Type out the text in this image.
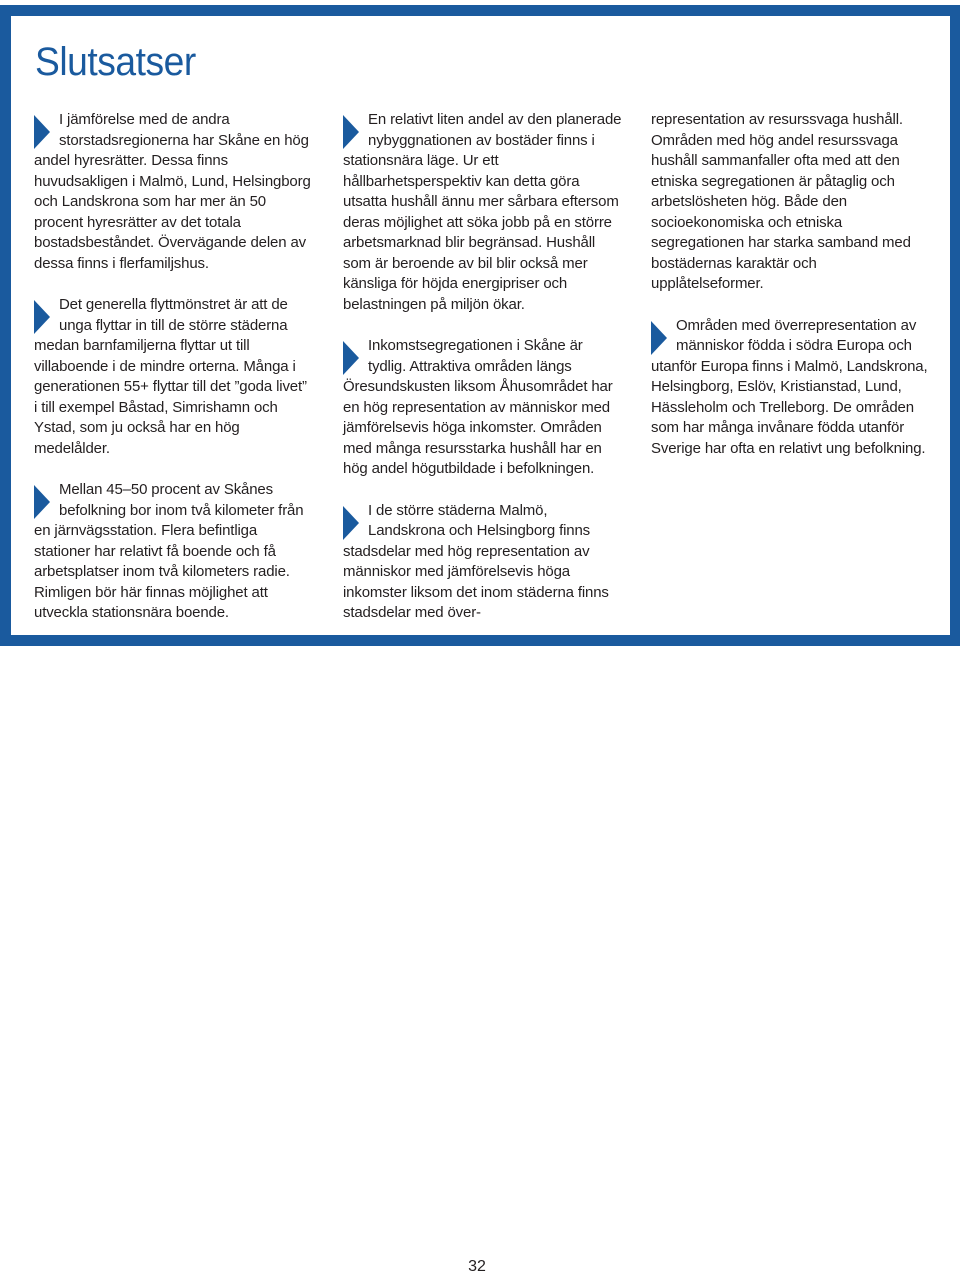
Slutsatser

I jämförelse med de andra storstadsregionerna har Skåne en hög andel hyresrätter. Dessa finns huvudsakligen i Malmö, Lund, Helsingborg och Landskrona som har mer än 50 procent hyresrätter av det totala bostadsbeståndet. Övervägande delen av dessa finns i flerfamiljshus.

Det generella flyttmönstret är att de unga flyttar in till de större städerna medan barnfamiljerna flyttar ut till villaboende i de mindre orterna. Många i generationen 55+ flyttar till det ”goda livet” i till exempel Båstad, Simrishamn och Ystad, som ju också har en hög medelålder.

Mellan 45–50 procent av Skånes befolkning bor inom två kilometer från en järnvägsstation. Flera befintliga stationer har relativt få boende och få arbetsplatser inom två kilometers radie. Rimligen bör här finnas möjlighet att utveckla stationsnära boende.

En relativt liten andel av den planerade nybyggnationen av bostäder finns i stationsnära läge. Ur ett hållbarhetsperspektiv kan detta göra utsatta hushåll ännu mer sårbara eftersom deras möjlighet att söka jobb på en större arbetsmarknad blir begränsad. Hushåll som är beroende av bil blir också mer känsliga för höjda energipriser och belastningen på miljön ökar.

Inkomstsegregationen i Skåne är tydlig. Attraktiva områden längs Öresundskusten liksom Åhusområdet har en hög representation av människor med jämförelsevis höga inkomster. Områden med många resursstarka hushåll har en hög andel högutbildade i befolkningen.

I de större städerna Malmö, Landskrona och Helsingborg finns stadsdelar med hög representation av människor med jämförelsevis höga inkomster liksom det inom städerna finns stadsdelar med över-

representation av resurssvaga hushåll. Områden med hög andel resurssvaga hushåll sammanfaller ofta med att den etniska segregationen är påtaglig och arbetslösheten hög. Både den socioekonomiska och etniska segregationen har starka samband med bostädernas karaktär och upplåtelseformer.

Områden med överrepresentation av människor födda i södra Europa och utanför Europa finns i Malmö, Landskrona, Helsingborg, Eslöv, Kristianstad, Lund, Hässleholm och Trelleborg. De områden som har många invånare födda utanför Sverige har ofta en relativt ung befolkning.

32
